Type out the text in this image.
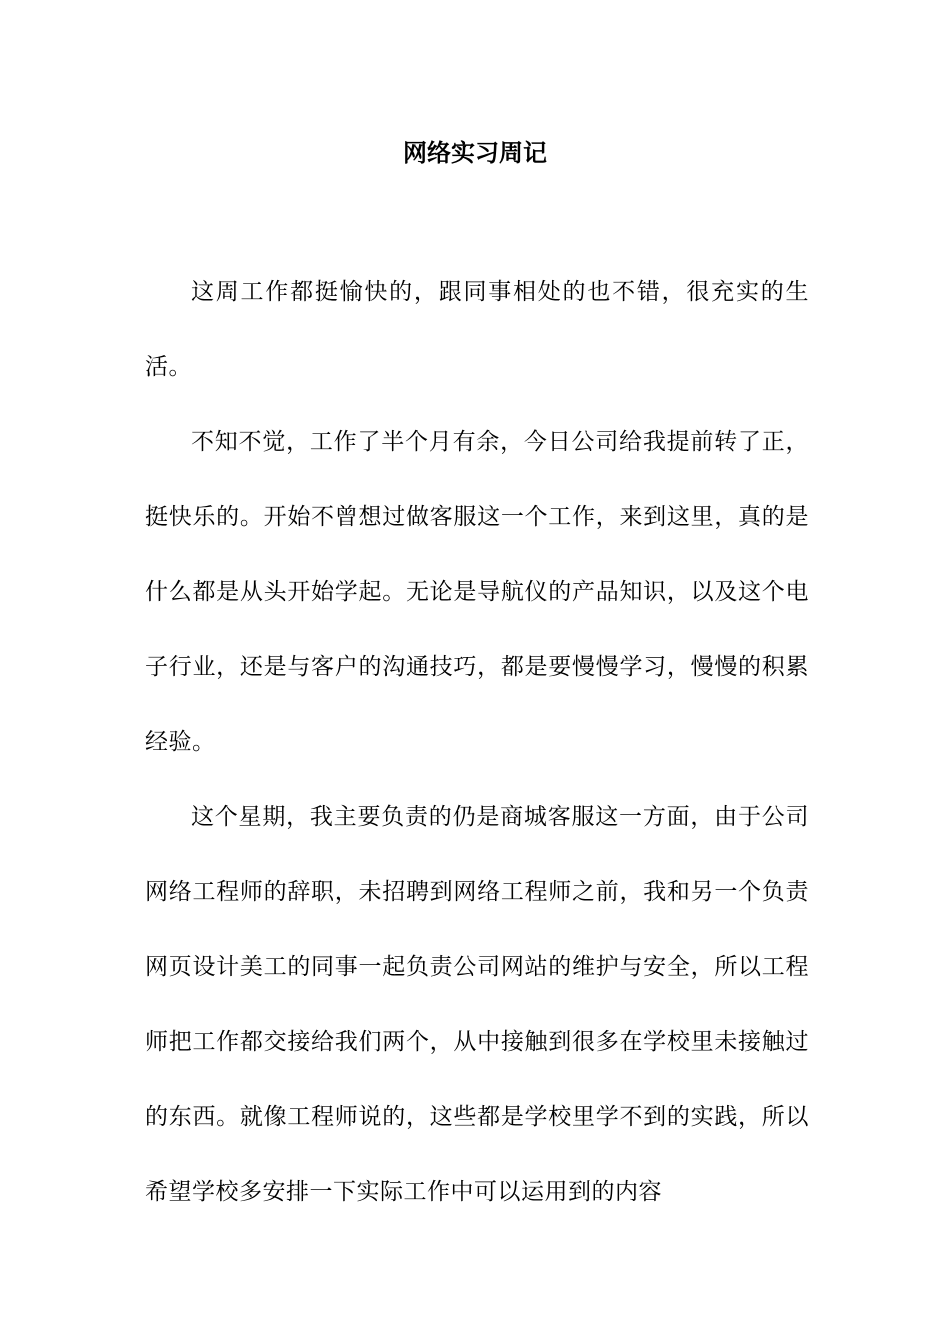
网络实习周记

这周工作都挺愉快的，跟同事相处的也不错，很充实的生活。

不知不觉，工作了半个月有余，今日公司给我提前转了正，挺快乐的。开始不曾想过做客服这一个工作，来到这里，真的是什么都是从头开始学起。无论是导航仪的产品知识，以及这个电子行业，还是与客户的沟通技巧，都是要慢慢学习，慢慢的积累经验。

这个星期，我主要负责的仍是商城客服这一方面，由于公司网络工程师的辞职，未招聘到网络工程师之前，我和另一个负责网页设计美工的同事一起负责公司网站的维护与安全，所以工程师把工作都交接给我们两个，从中接触到很多在学校里未接触过的东西。就像工程师说的，这些都是学校里学不到的实践，所以希望学校多安排一下实际工作中可以运用到的内容
